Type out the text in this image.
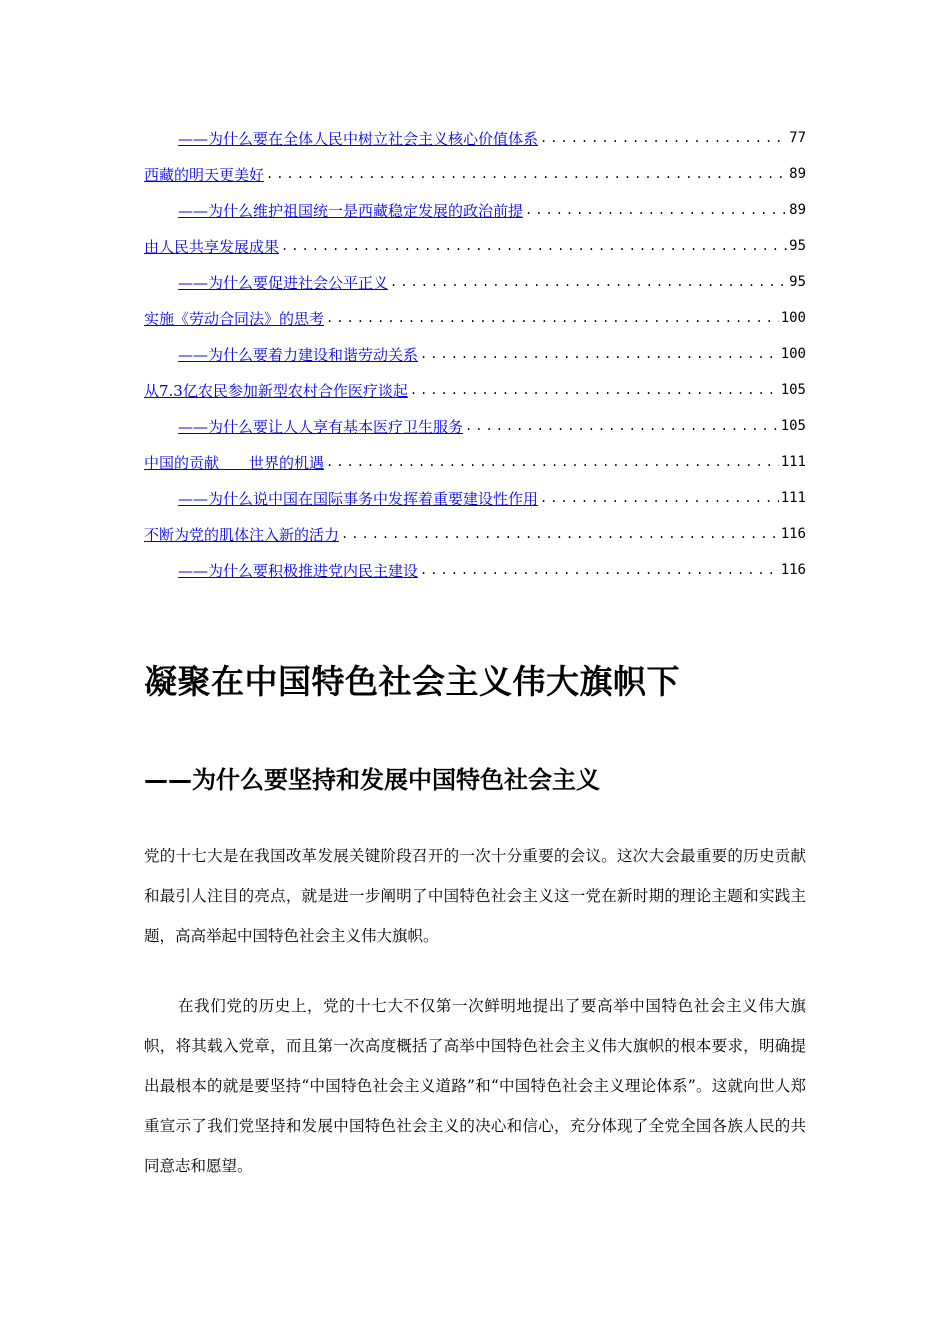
——为什么要在全体人民中树立社会主义核心价值体系 .....	77
西藏的明天更美好 .....	89
——为什么维护祖国统一是西藏稳定发展的政治前提 .....	89
由人民共享发展成果 .....	95
——为什么要促进社会公平正义 .....	95
实施《劳动合同法》的思考 .....	100
——为什么要着力建设和谐劳动关系 .....	100
从7.3亿农民参加新型农村合作医疗谈起 .....	105
——为什么要让人人享有基本医疗卫生服务 .....	105
中国的贡献　　世界的机遇 .....	111
——为什么说中国在国际事务中发挥着重要建设性作用 .....	111
不断为党的肌体注入新的活力 .....	116
——为什么要积极推进党内民主建设 .....	116
凝聚在中国特色社会主义伟大旗帜下
——为什么要坚持和发展中国特色社会主义

党的十七大是在我国改革发展关键阶段召开的一次十分重要的会议。这次大会最重要的历史贡献和最引人注目的亮点，就是进一步阐明了中国特色社会主义这一党在新时期的理论主题和实践主题，高高举起中国特色社会主义伟大旗帜。

在我们党的历史上，党的十七大不仅第一次鲜明地提出了要高举中国特色社会主义伟大旗帜，将其载入党章，而且第一次高度概括了高举中国特色社会主义伟大旗帜的根本要求，明确提出最根本的就是要坚持“中国特色社会主义道路”和“中国特色社会主义理论体系”。这就向世人郑重宣示了我们党坚持和发展中国特色社会主义的决心和信心，充分体现了全党全国各族人民的共同意志和愿望。
